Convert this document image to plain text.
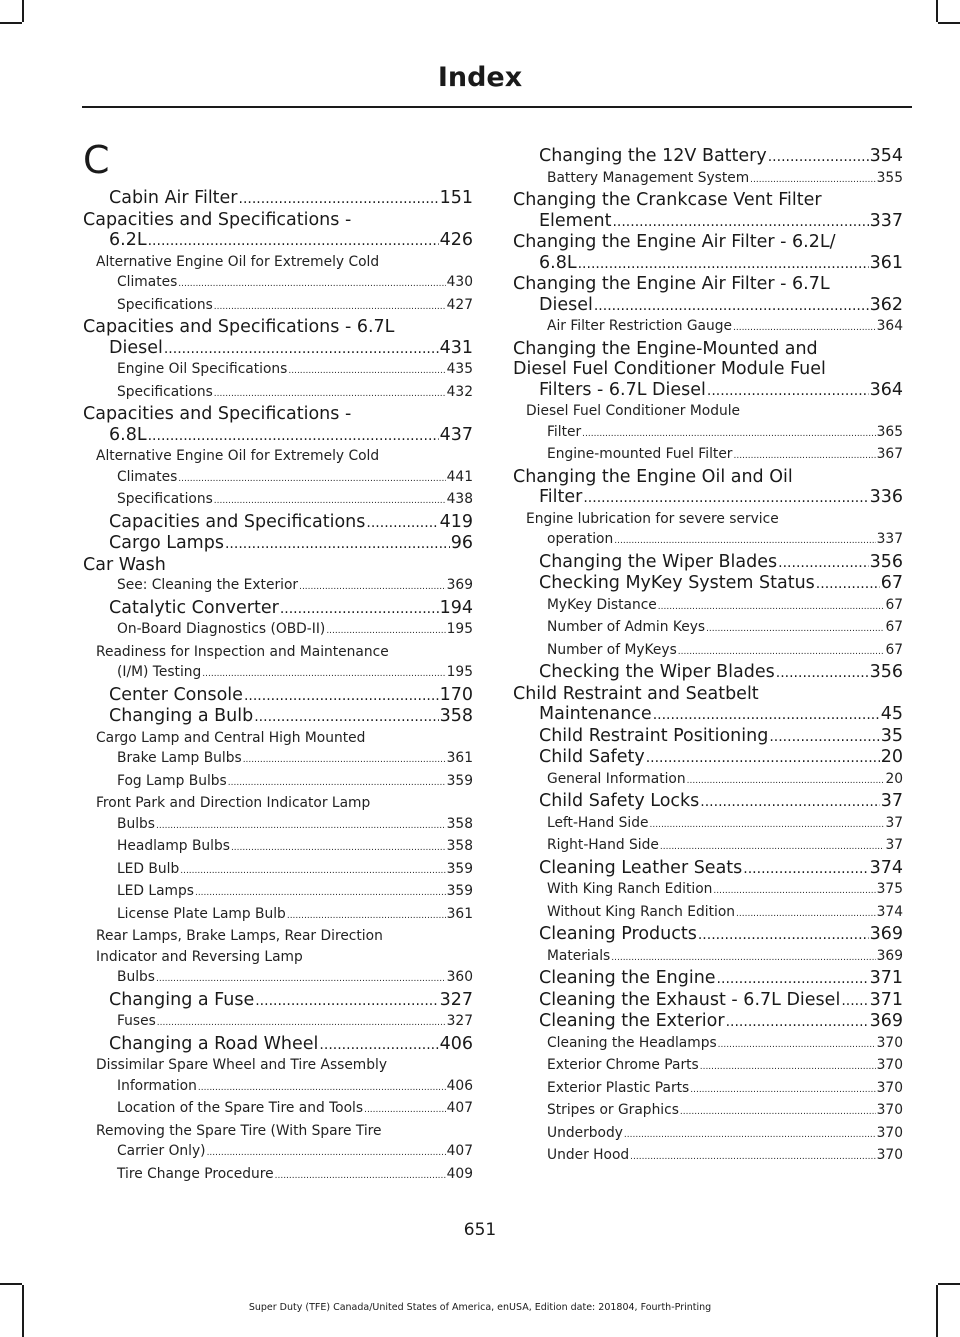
Index
C
Cabin Air Filter .....	151
Capacities and Specifications -
6.2L .....	426
Alternative Engine Oil for Extremely Cold
Climates .....	430
Specifications .....	427
Capacities and Specifications - 6.7L
Diesel .....	431
Engine Oil Specifications .....	435
Specifications .....	432
Capacities and Specifications -
6.8L .....	437
Alternative Engine Oil for Extremely Cold
Climates .....	441
Specifications .....	438
Capacities and Specifications .....	419
Cargo Lamps .....	96
Car Wash
See: Cleaning the Exterior .....	369
Catalytic Converter .....	194
On-Board Diagnostics (OBD-II) .....	195
Readiness for Inspection and Maintenance
(I/M) Testing .....	195
Center Console .....	170
Changing a Bulb .....	358
Cargo Lamp and Central High Mounted
Brake Lamp Bulbs .....	361
Fog Lamp Bulbs .....	359
Front Park and Direction Indicator Lamp
Bulbs .....	358
Headlamp Bulbs .....	358
LED Bulb .....	359
LED Lamps .....	359
License Plate Lamp Bulb .....	361
Rear Lamps, Brake Lamps, Rear Direction
Indicator and Reversing Lamp
Bulbs .....	360
Changing a Fuse .....	327
Fuses .....	327
Changing a Road Wheel .....	406
Dissimilar Spare Wheel and Tire Assembly
Information .....	406
Location of the Spare Tire and Tools .....	407
Removing the Spare Tire (With Spare Tire
Carrier Only) .....	407
Tire Change Procedure .....	409
Changing the 12V Battery .....	354
Battery Management System .....	355
Changing the Crankcase Vent Filter
Element .....	337
Changing the Engine Air Filter - 6.2L/
6.8L .....	361
Changing the Engine Air Filter - 6.7L
Diesel .....	362
Air Filter Restriction Gauge .....	364
Changing the Engine-Mounted and
Diesel Fuel Conditioner Module Fuel
Filters - 6.7L Diesel .....	364
Diesel Fuel Conditioner Module
Filter .....	365
Engine-mounted Fuel Filter .....	367
Changing the Engine Oil and Oil
Filter .....	336
Engine lubrication for severe service
operation .....	337
Changing the Wiper Blades .....	356
Checking MyKey System Status .....	67
MyKey Distance .....	67
Number of Admin Keys .....	67
Number of MyKeys .....	67
Checking the Wiper Blades .....	356
Child Restraint and Seatbelt
Maintenance .....	45
Child Restraint Positioning .....	35
Child Safety .....	20
General Information .....	20
Child Safety Locks .....	37
Left-Hand Side .....	37
Right-Hand Side .....	37
Cleaning Leather Seats .....	374
With King Ranch Edition .....	375
Without King Ranch Edition .....	374
Cleaning Products .....	369
Materials .....	369
Cleaning the Engine .....	371
Cleaning the Exhaust - 6.7L Diesel ..... 371
Cleaning the Exterior .....	369
Cleaning the Headlamps .....	370
Exterior Chrome Parts .....	370
Exterior Plastic Parts .....	370
Stripes or Graphics .....	370
Underbody .....	370
Under Hood .....	370
651
Super Duty (TFE) Canada/United States of America, enUSA, Edition date: 201804, Fourth-Printing
